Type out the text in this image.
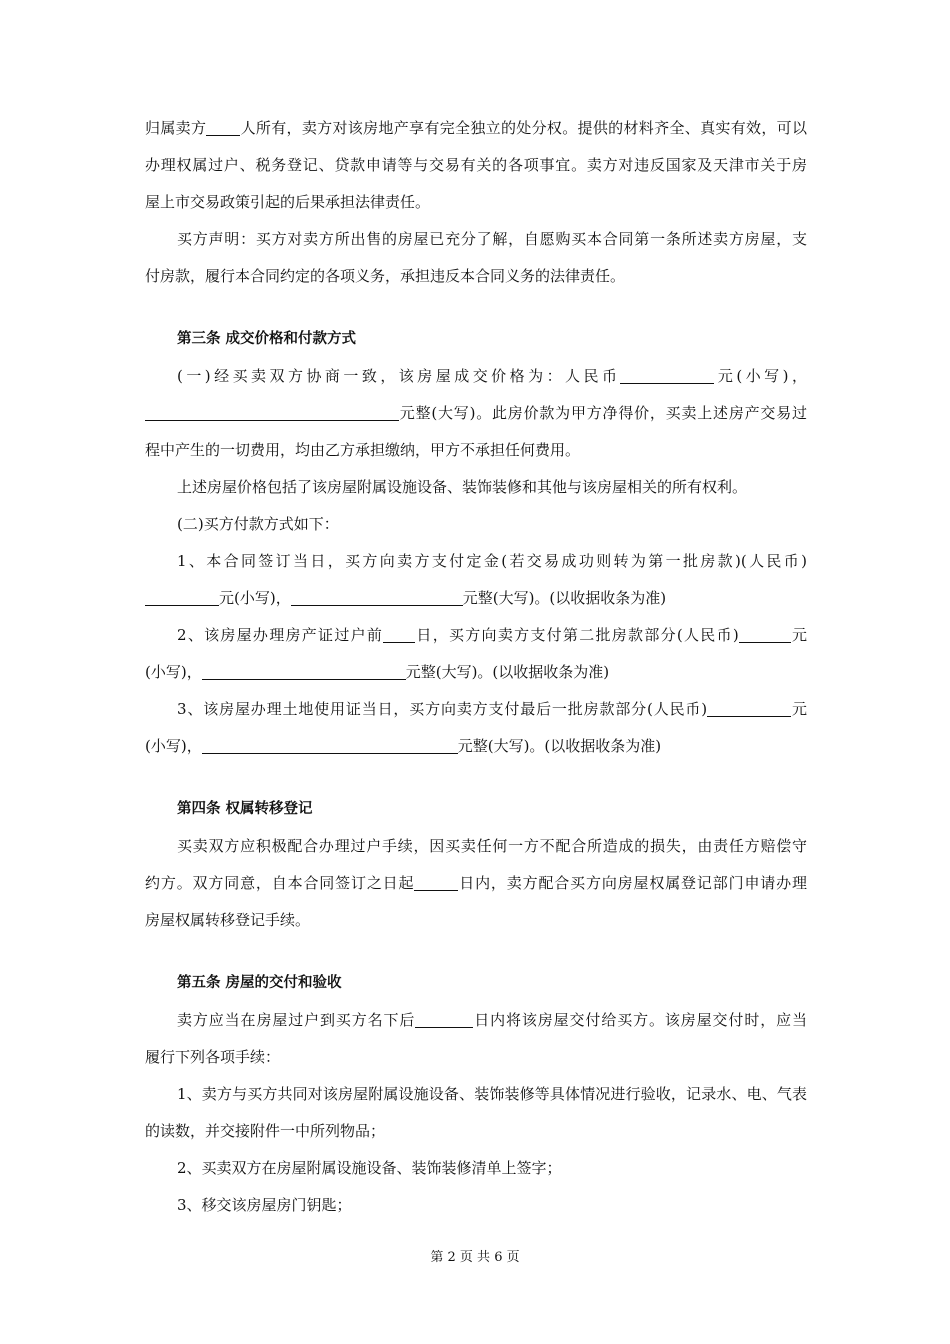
归属卖方 人所有，卖方对该房地产享有完全独立的处分权。提供的材料齐全、真实有效，可以
办理权属过户、税务登记、贷款申请等与交易有关的各项事宜。卖方对违反国家及天津市关于房
屋上市交易政策引起的后果承担法律责任。
买方声明：买方对卖方所出售的房屋已充分了解，自愿购买本合同第一条所述卖方房屋，支
付房款，履行本合同约定的各项义务，承担违反本合同义务的法律责任。
第三条 成交价格和付款方式
(一)经买卖双方协商一致，该房屋成交价格为：人民币	元(小写)，
元整(大写)。此房价款为甲方净得价，买卖上述房产交易过
程中产生的一切费用，均由乙方承担缴纳，甲方不承担任何费用。
上述房屋价格包括了该房屋附属设施设备、装饰装修和其他与该房屋相关的所有权利。
(二)买方付款方式如下：
1、本合同签订当日，买方向卖方支付定金(若交易成功则转为第一批房款)(人民币)
元(小写)，	元整(大写)。(以收据收条为准)
2、该房屋办理房产证过户前 日，买方向卖方支付第二批房款部分(人民币)	元
(小写)，	元整(大写)。(以收据收条为准)
3、该房屋办理土地使用证当日，买方向卖方支付最后一批房款部分(人民币)	元
(小写)，	元整(大写)。(以收据收条为准)
第四条 权属转移登记
买卖双方应积极配合办理过户手续，因买卖任何一方不配合所造成的损失，由责任方赔偿守
约方。双方同意，自本合同签订之日起	日内，卖方配合买方向房屋权属登记部门申请办理
房屋权属转移登记手续。
第五条 房屋的交付和验收
卖方应当在房屋过户到买方名下后	日内将该房屋交付给买方。该房屋交付时，应当
履行下列各项手续：
1、卖方与买方共同对该房屋附属设施设备、装饰装修等具体情况进行验收，记录水、电、气表
的读数，并交接附件一中所列物品；
2、买卖双方在房屋附属设施设备、装饰装修清单上签字；
3、移交该房屋房门钥匙；
第 2 页 共 6 页
